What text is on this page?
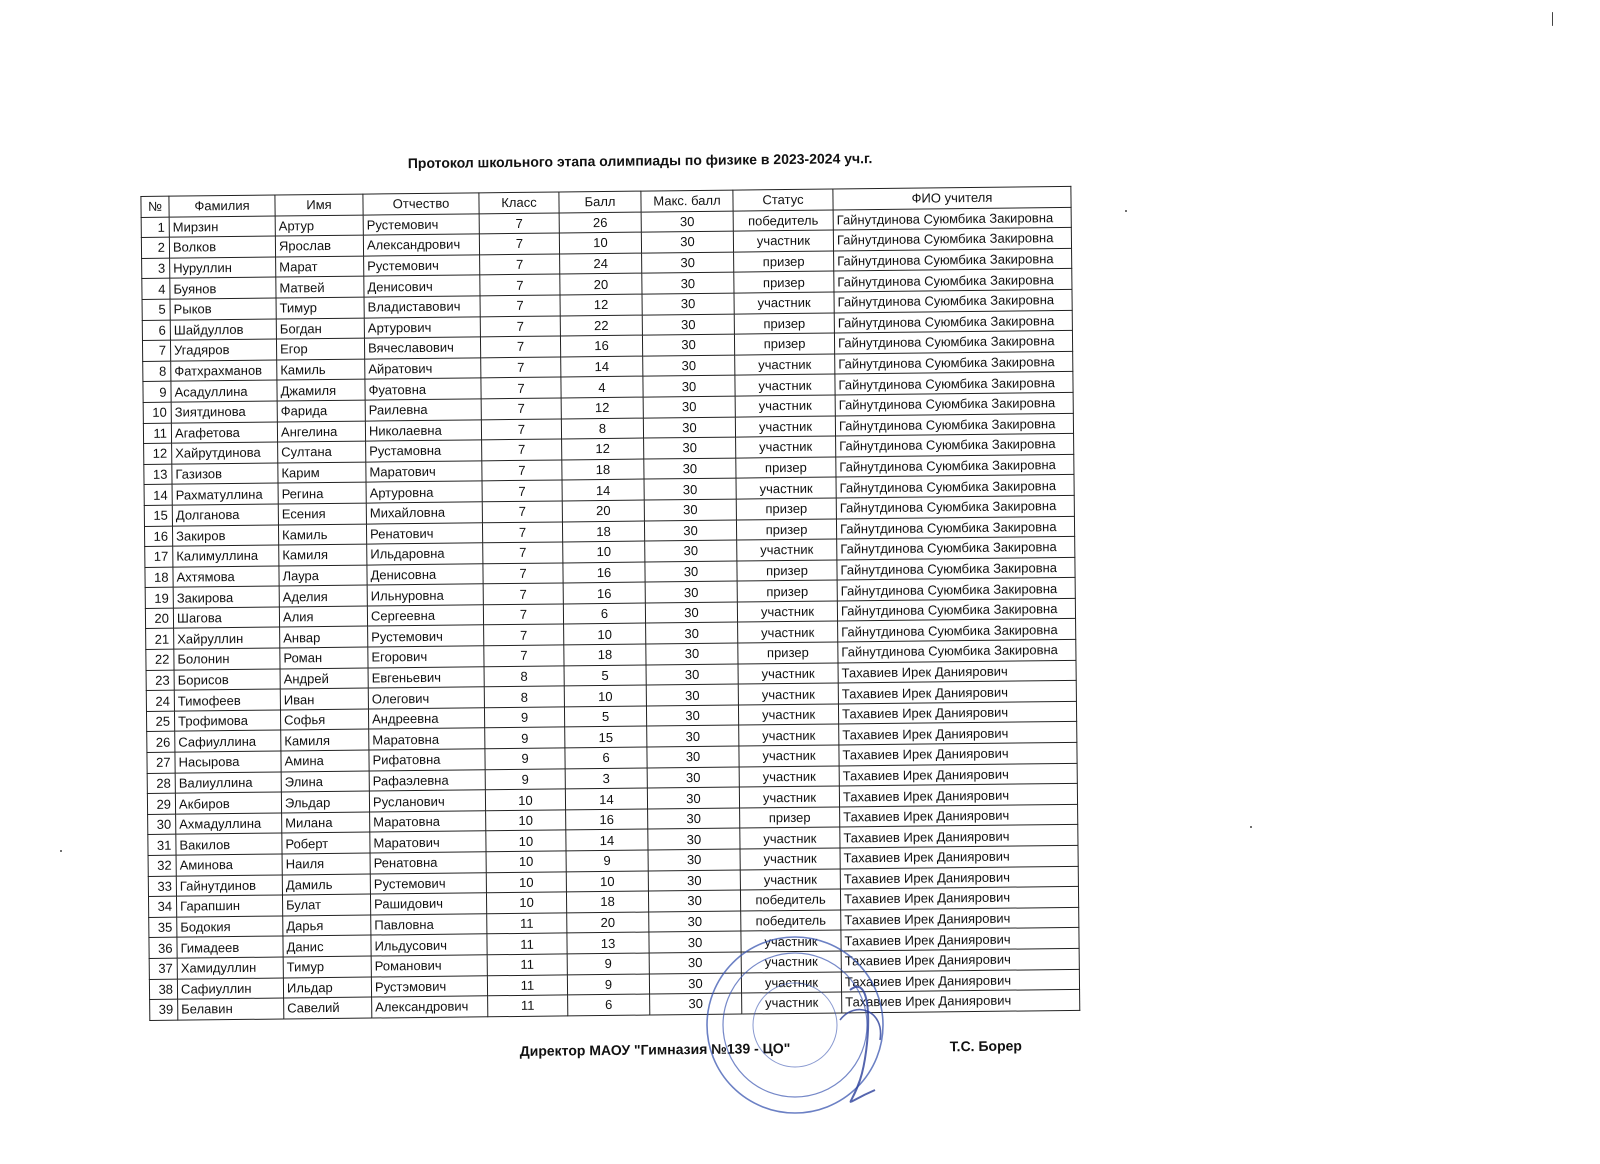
Протокол школьного этапа олимпиады по физике в 2023-2024 уч.г.
№	Фамилия	Имя	Отчество	Класс	Балл	Макс. балл	Статус	ФИО учителя
1	Мирзин	Артур	Рустемович	7	26	30	победитель	Гайнутдинова Суюмбика Закировна
2	Волков	Ярослав	Александрович	7	10	30	участник	Гайнутдинова Суюмбика Закировна
3	Нуруллин	Марат	Рустемович	7	24	30	призер	Гайнутдинова Суюмбика Закировна
4	Буянов	Матвей	Денисович	7	20	30	призер	Гайнутдинова Суюмбика Закировна
5	Рыков	Тимур	Владиставович	7	12	30	участник	Гайнутдинова Суюмбика Закировна
6	Шайдуллов	Богдан	Артурович	7	22	30	призер	Гайнутдинова Суюмбика Закировна
7	Угадяров	Егор	Вячеславович	7	16	30	призер	Гайнутдинова Суюмбика Закировна
8	Фатхрахманов	Камиль	Айратович	7	14	30	участник	Гайнутдинова Суюмбика Закировна
9	Асадуллина	Джамиля	Фуатовна	7	4	30	участник	Гайнутдинова Суюмбика Закировна
10	Зиятдинова	Фарида	Раилевна	7	12	30	участник	Гайнутдинова Суюмбика Закировна
11	Агафетова	Ангелина	Николаевна	7	8	30	участник	Гайнутдинова Суюмбика Закировна
12	Хайрутдинова	Султана	Рустамовна	7	12	30	участник	Гайнутдинова Суюмбика Закировна
13	Газизов	Карим	Маратович	7	18	30	призер	Гайнутдинова Суюмбика Закировна
14	Рахматуллина	Регина	Артуровна	7	14	30	участник	Гайнутдинова Суюмбика Закировна
15	Долганова	Есения	Михайловна	7	20	30	призер	Гайнутдинова Суюмбика Закировна
16	Закиров	Камиль	Ренатович	7	18	30	призер	Гайнутдинова Суюмбика Закировна
17	Калимуллина	Камиля	Ильдаровна	7	10	30	участник	Гайнутдинова Суюмбика Закировна
18	Ахтямова	Лаура	Денисовна	7	16	30	призер	Гайнутдинова Суюмбика Закировна
19	Закирова	Аделия	Ильнуровна	7	16	30	призер	Гайнутдинова Суюмбика Закировна
20	Шагова	Алия	Сергеевна	7	6	30	участник	Гайнутдинова Суюмбика Закировна
21	Хайруллин	Анвар	Рустемович	7	10	30	участник	Гайнутдинова Суюмбика Закировна
22	Болонин	Роман	Егорович	7	18	30	призер	Гайнутдинова Суюмбика Закировна
23	Борисов	Андрей	Евгеньевич	8	5	30	участник	Тахавиев Ирек Даниярович
24	Тимофеев	Иван	Олегович	8	10	30	участник	Тахавиев Ирек Даниярович
25	Трофимова	Софья	Андреевна	9	5	30	участник	Тахавиев Ирек Даниярович
26	Сафиуллина	Камиля	Маратовна	9	15	30	участник	Тахавиев Ирек Даниярович
27	Насырова	Амина	Рифатовна	9	6	30	участник	Тахавиев Ирек Даниярович
28	Валиуллина	Элина	Рафаэлевна	9	3	30	участник	Тахавиев Ирек Даниярович
29	Акбиров	Эльдар	Русланович	10	14	30	участник	Тахавиев Ирек Даниярович
30	Ахмадуллина	Милана	Маратовна	10	16	30	призер	Тахавиев Ирек Даниярович
31	Вакилов	Роберт	Маратович	10	14	30	участник	Тахавиев Ирек Даниярович
32	Аминова	Наиля	Ренатовна	10	9	30	участник	Тахавиев Ирек Даниярович
33	Гайнутдинов	Дамиль	Рустемович	10	10	30	участник	Тахавиев Ирек Даниярович
34	Гарапшин	Булат	Рашидович	10	18	30	победитель	Тахавиев Ирек Даниярович
35	Бодокия	Дарья	Павловна	11	20	30	победитель	Тахавиев Ирек Даниярович
36	Гимадеев	Данис	Ильдусович	11	13	30	участник	Тахавиев Ирек Даниярович
37	Хамидуллин	Тимур	Романович	11	9	30	участник	Тахавиев Ирек Даниярович
38	Сафиуллин	Ильдар	Рустэмович	11	9	30	участник	Тахавиев Ирек Даниярович
39	Белавин	Савелий	Александрович	11	6	30	участник	Тахавиев Ирек Даниярович
Директор МАОУ "Гимназия №139 - ЦО"	Т.С. Борер
